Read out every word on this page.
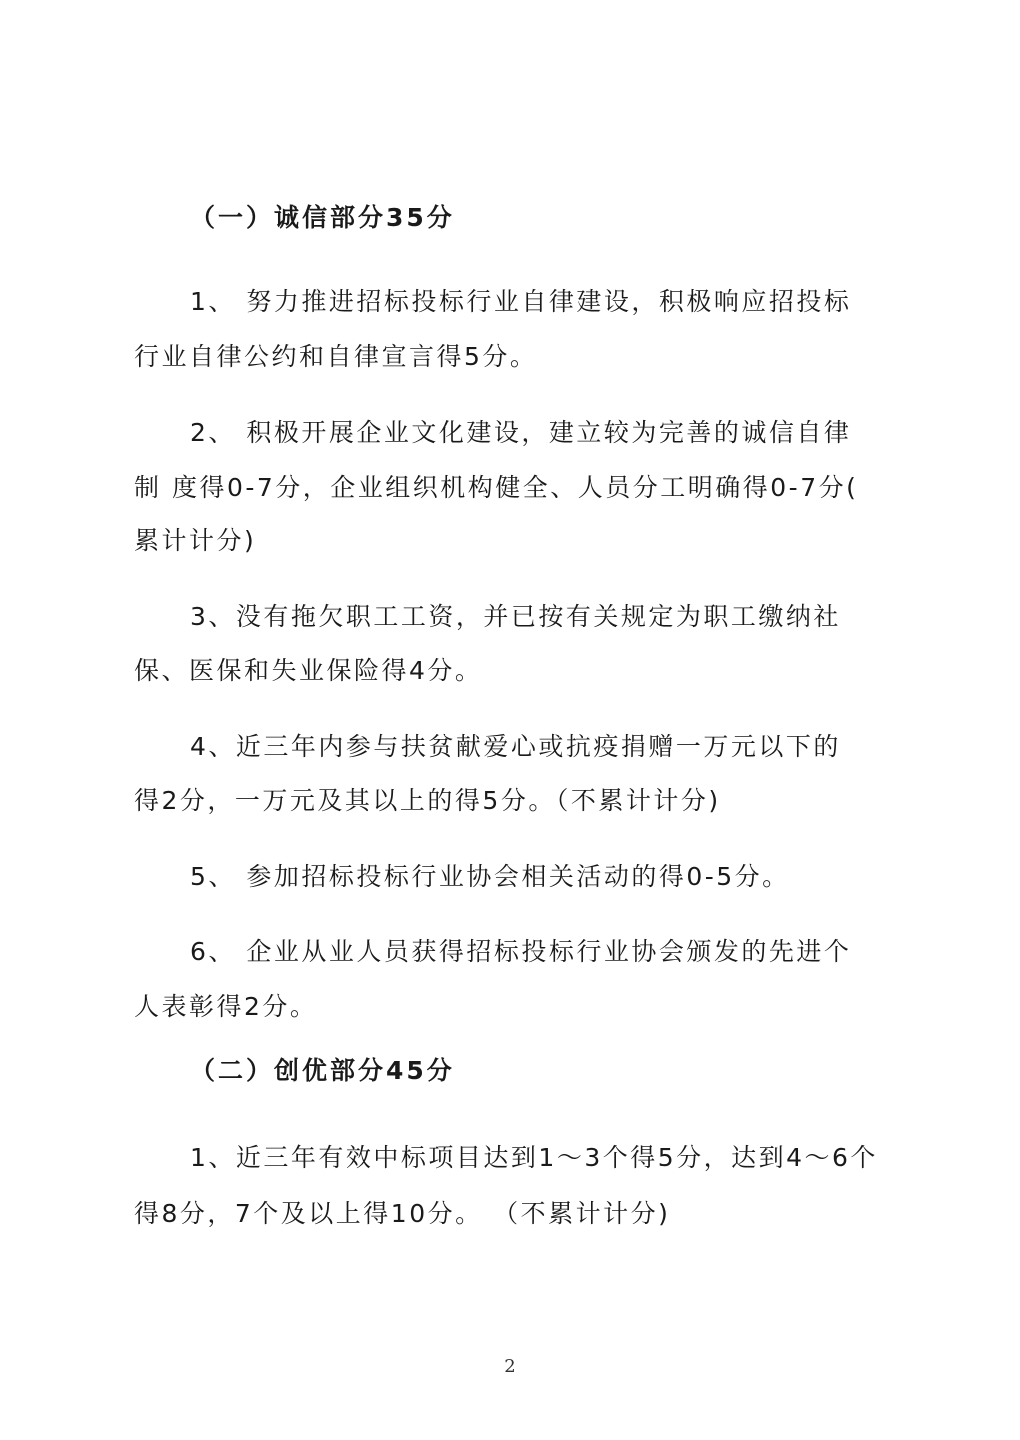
（一）诚信部分35分
1、 努力推进招标投标行业自律建设，积极响应招投标
行业自律公约和自律宣言得5分。
2、 积极开展企业文化建设，建立较为完善的诚信自律
制 度得0-7分，企业组织机构健全、人员分工明确得0-7分(
累计计分)
3、没有拖欠职工工资，并已按有关规定为职工缴纳社
保、医保和失业保险得4分。
4、近三年内参与扶贫献爱心或抗疫捐赠一万元以下的
得2分，一万元及其以上的得5分。（不累计计分)
5、 参加招标投标行业协会相关活动的得0-5分。
6、 企业从业人员获得招标投标行业协会颁发的先进个
人表彰得2分。
（二）创优部分45分
1、近三年有效中标项目达到1～3个得5分，达到4～6个
得8分，7个及以上得10分。 （不累计计分)
2
